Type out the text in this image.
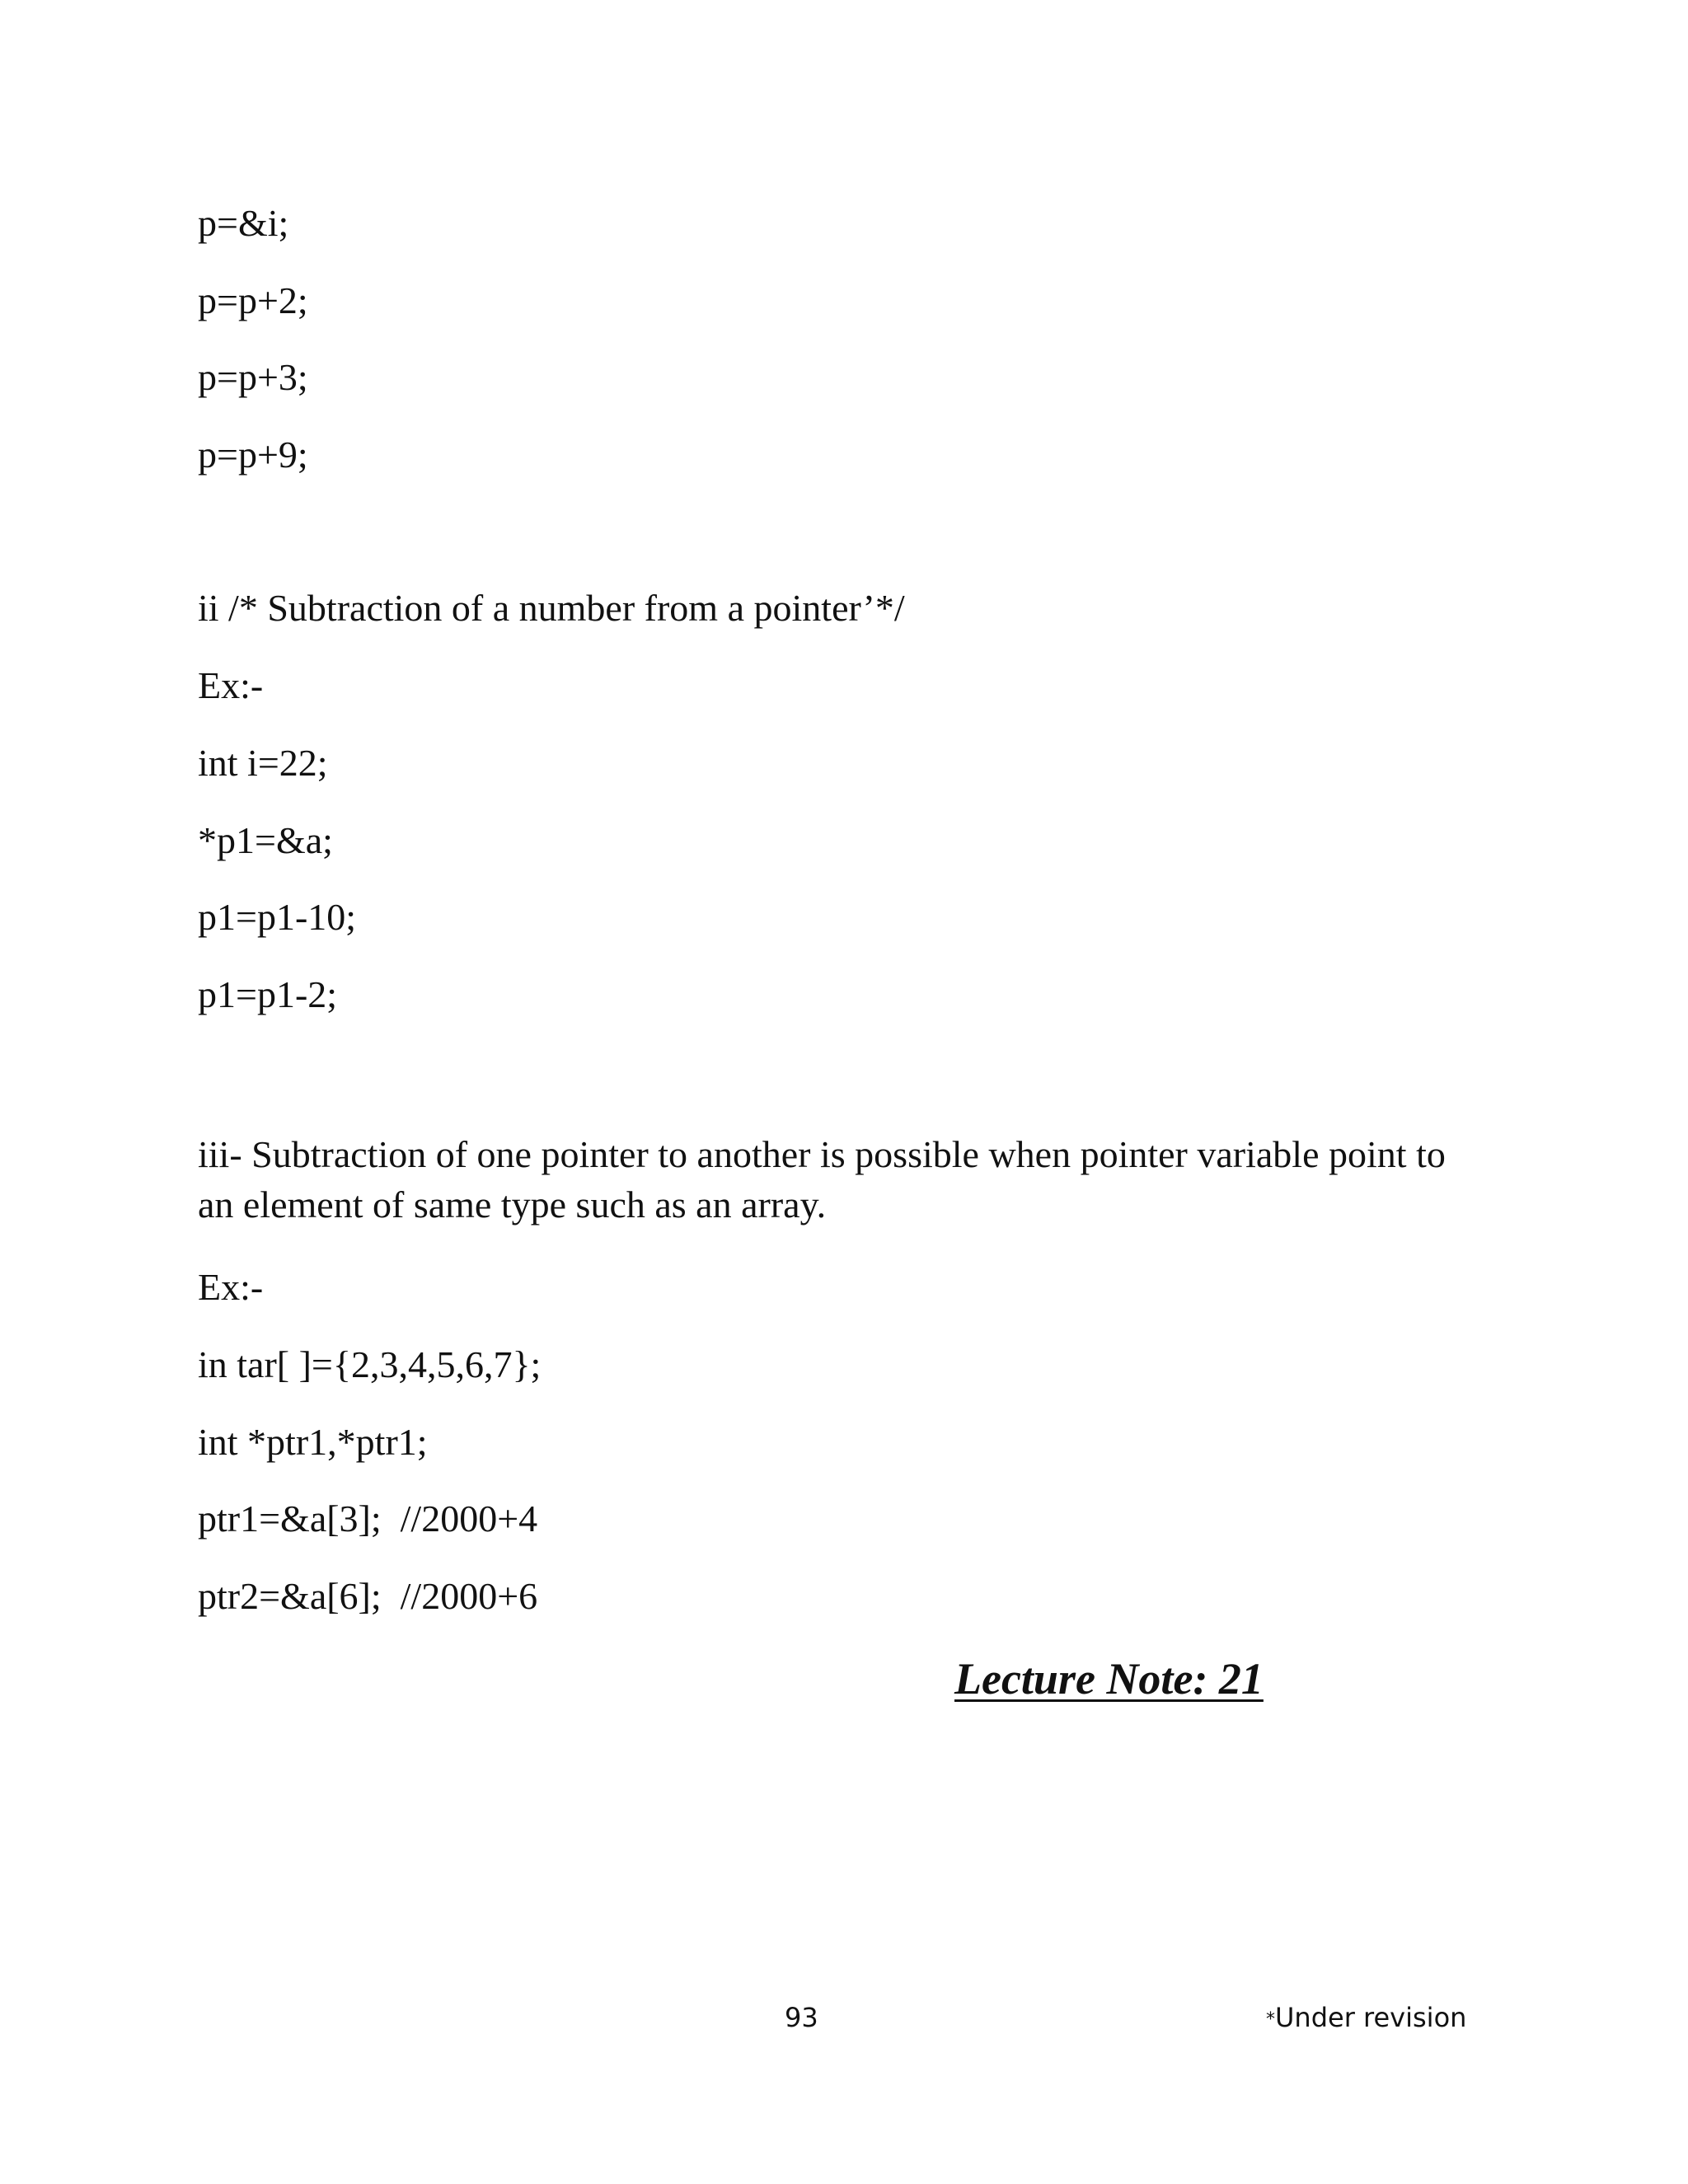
p=&i;
p=p+2;
p=p+3;
p=p+9;
ii /* Subtraction of a number from a pointer’*/
Ex:-
int i=22;
*p1=&a;
p1=p1-10;
p1=p1-2;
iii- Subtraction of one pointer to another is possible when pointer variable point to an element of same type such as an array.
Ex:-
in tar[ ]={2,3,4,5,6,7};
int *ptr1,*ptr1;
ptr1=&a[3];  //2000+4
ptr2=&a[6];  //2000+6
Lecture Note: 21
93	*Under revision
